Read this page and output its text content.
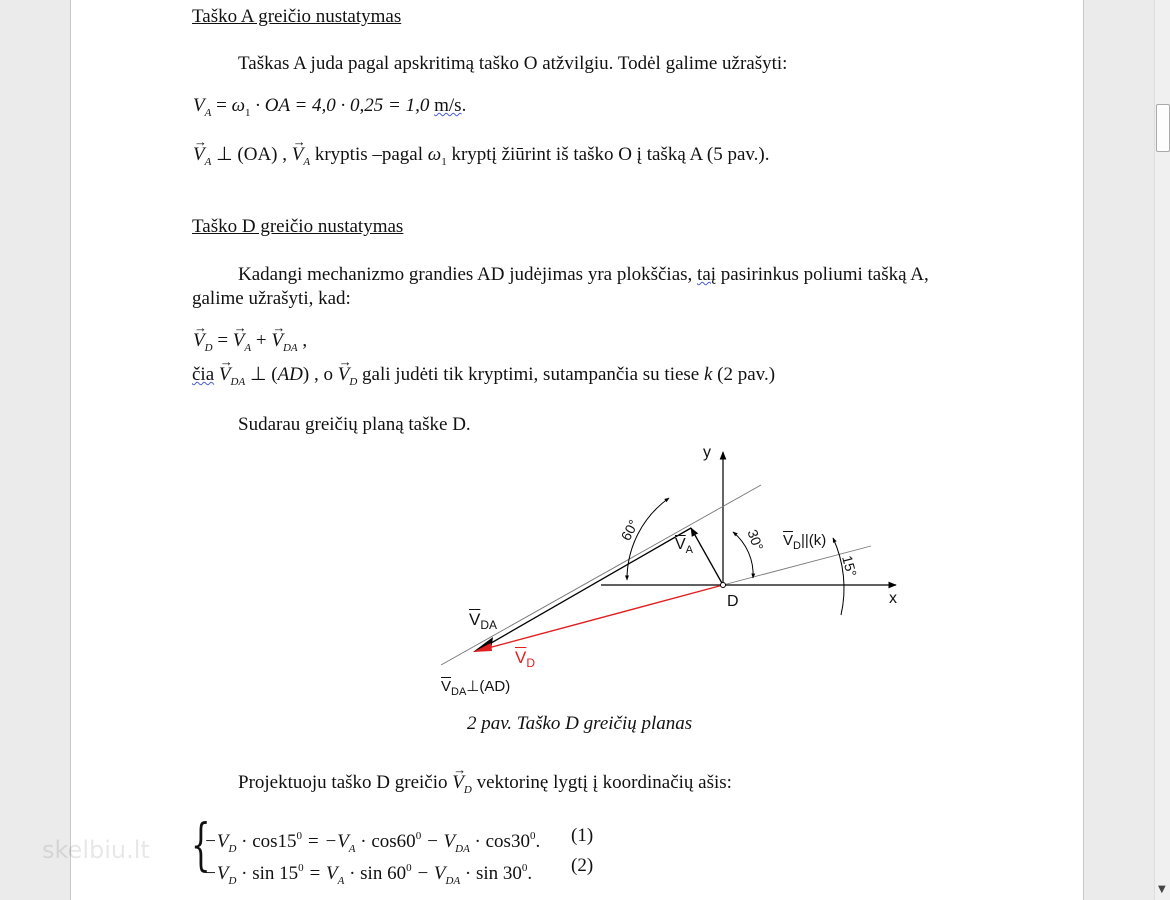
Taško A greičio nustatymas
Taškas A juda pagal apskritimą taško O atžvilgiu. Todėl galime užrašyti:
$V_A = \omega_1$ · OA = 4,0 · 0,25 = 1,0 m/s.
→ $V_A$ ⊥ (OA) , → $V_A$ kryptis –pagal $\omega_1$ kryptį žiūrint iš taško O į tašką A (5 pav.).
Taško D greičio nustatymas
Kadangi mechanizmo grandies AD judėjimas yra plokščias, taį pasirinkus poliumi tašką A,
galime užrašyti, kad:
→ $V_D$ = → $V_A$ + → $V_{DA}$ ,
čia → $V_{DA}$ ⊥ (AD) , $o \to V_D$ gali judėti tik kryptimi, sutampančia su tiese k (2 pav.)
Sudarau greičių planą taške D.
y
x
D
60°	30°
15°
$\overline{V}_A$
$\overline{V}_D||(k)$
$\overline{V}_{DA}$
$\overline{V}_D$
$\overline{V}_{DA}\perp(AD)$
2 pav. Taško D greičių planas
Projektuoju taško D greičio → $V_D$ vektorinę lygtį į koordinačių ašis:
{
$-V_D \cdot \cos 15^0 = -V_A \cdot \cos 60^0 - V_{DA} \cdot \cos 30^0$. (1)
$-V_D \cdot \sin 15^0 = V_A \cdot \sin 60^0 - V_{DA} \cdot \sin 30^0$. (2)
skelbiu.lt
▼
